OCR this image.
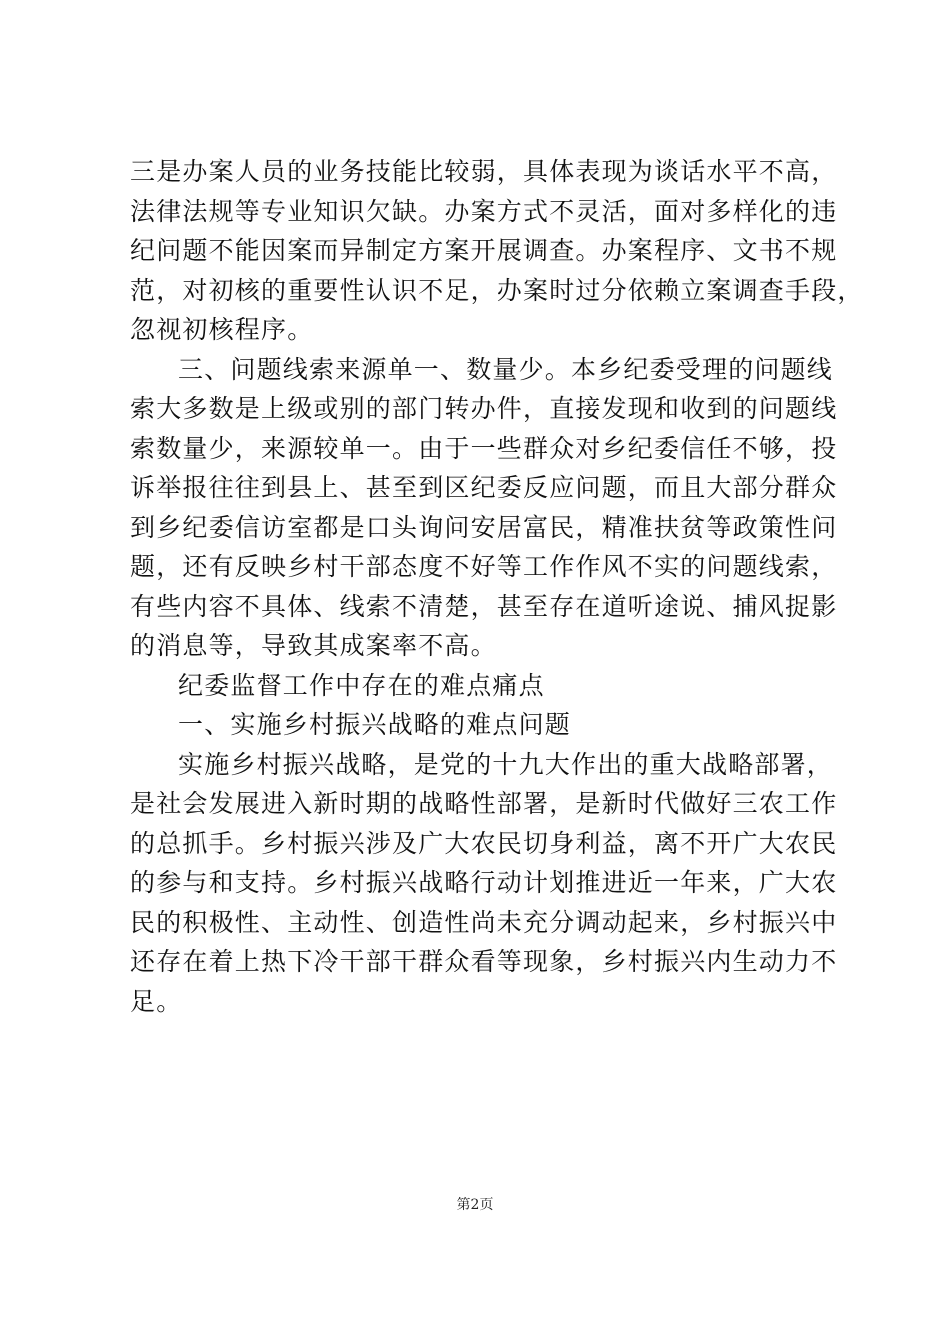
三是办案人员的业务技能比较弱，具体表现为谈话水平不高，
法律法规等专业知识欠缺。办案方式不灵活，面对多样化的违
纪问题不能因案而异制定方案开展调查。办案程序、文书不规
范，对初核的重要性认识不足，办案时过分依赖立案调查手段，
忽视初核程序。
三、问题线索来源单一、数量少。本乡纪委受理的问题线
索大多数是上级或别的部门转办件，直接发现和收到的问题线
索数量少，来源较单一。由于一些群众对乡纪委信任不够，投
诉举报往往到县上、甚至到区纪委反应问题，而且大部分群众
到乡纪委信访室都是口头询问安居富民，精准扶贫等政策性问
题，还有反映乡村干部态度不好等工作作风不实的问题线索，
有些内容不具体、线索不清楚，甚至存在道听途说、捕风捉影
的消息等，导致其成案率不高。
纪委监督工作中存在的难点痛点
一、实施乡村振兴战略的难点问题
实施乡村振兴战略，是党的十九大作出的重大战略部署，
是社会发展进入新时期的战略性部署，是新时代做好三农工作
的总抓手。乡村振兴涉及广大农民切身利益，离不开广大农民
的参与和支持。乡村振兴战略行动计划推进近一年来，广大农
民的积极性、主动性、创造性尚未充分调动起来，乡村振兴中
还存在着上热下冷干部干群众看等现象，乡村振兴内生动力不
足。
第2页
